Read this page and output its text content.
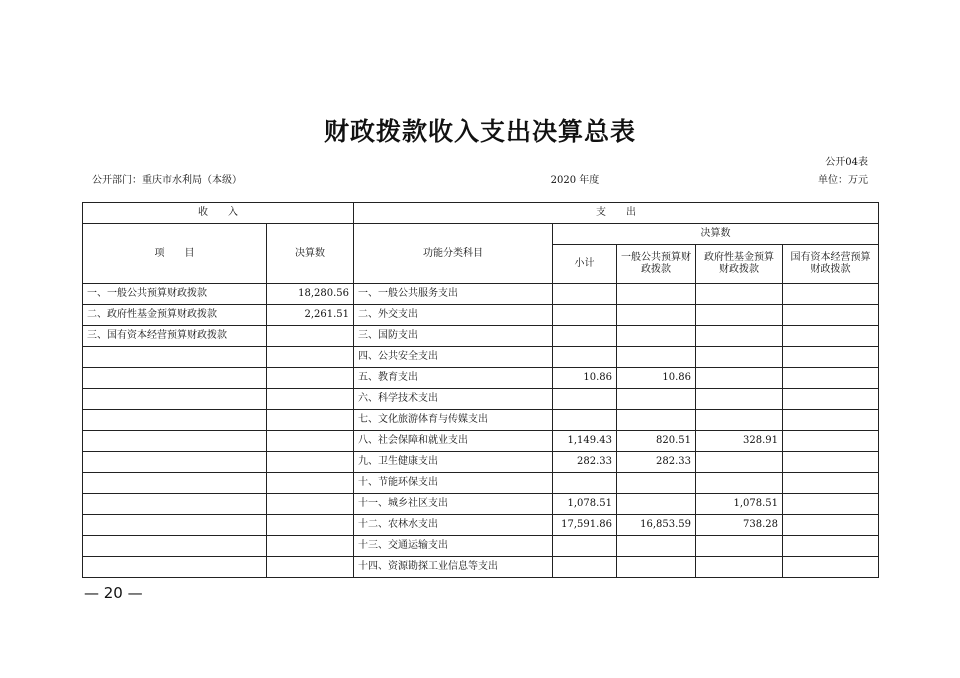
财政拨款收入支出决算总表
公开04表
公开部门：重庆市水利局（本级）	2020 年度	单位：万元
收　　入		支　　出				
项　　目	决算数	功能分类科目	决算数			
			小计	一般公共预算财政拨款	政府性基金预算财政拨款	国有资本经营预算财政拨款
一、一般公共预算财政拨款	18,280.56	一、一般公共服务支出				
二、政府性基金预算财政拨款	2,261.51	二、外交支出				
三、国有资本经营预算财政拨款		三、国防支出				
		四、公共安全支出				
		五、教育支出	10.86	10.86		
		六、科学技术支出				
		七、文化旅游体育与传媒支出				
		八、社会保障和就业支出	1,149.43	820.51	328.91	
		九、卫生健康支出	282.33	282.33		
		十、节能环保支出				
		十一、城乡社区支出	1,078.51		1,078.51	
		十二、农林水支出	17,591.86	16,853.59	738.28	
		十三、交通运输支出				
		十四、资源勘探工业信息等支出				
— 20 —
